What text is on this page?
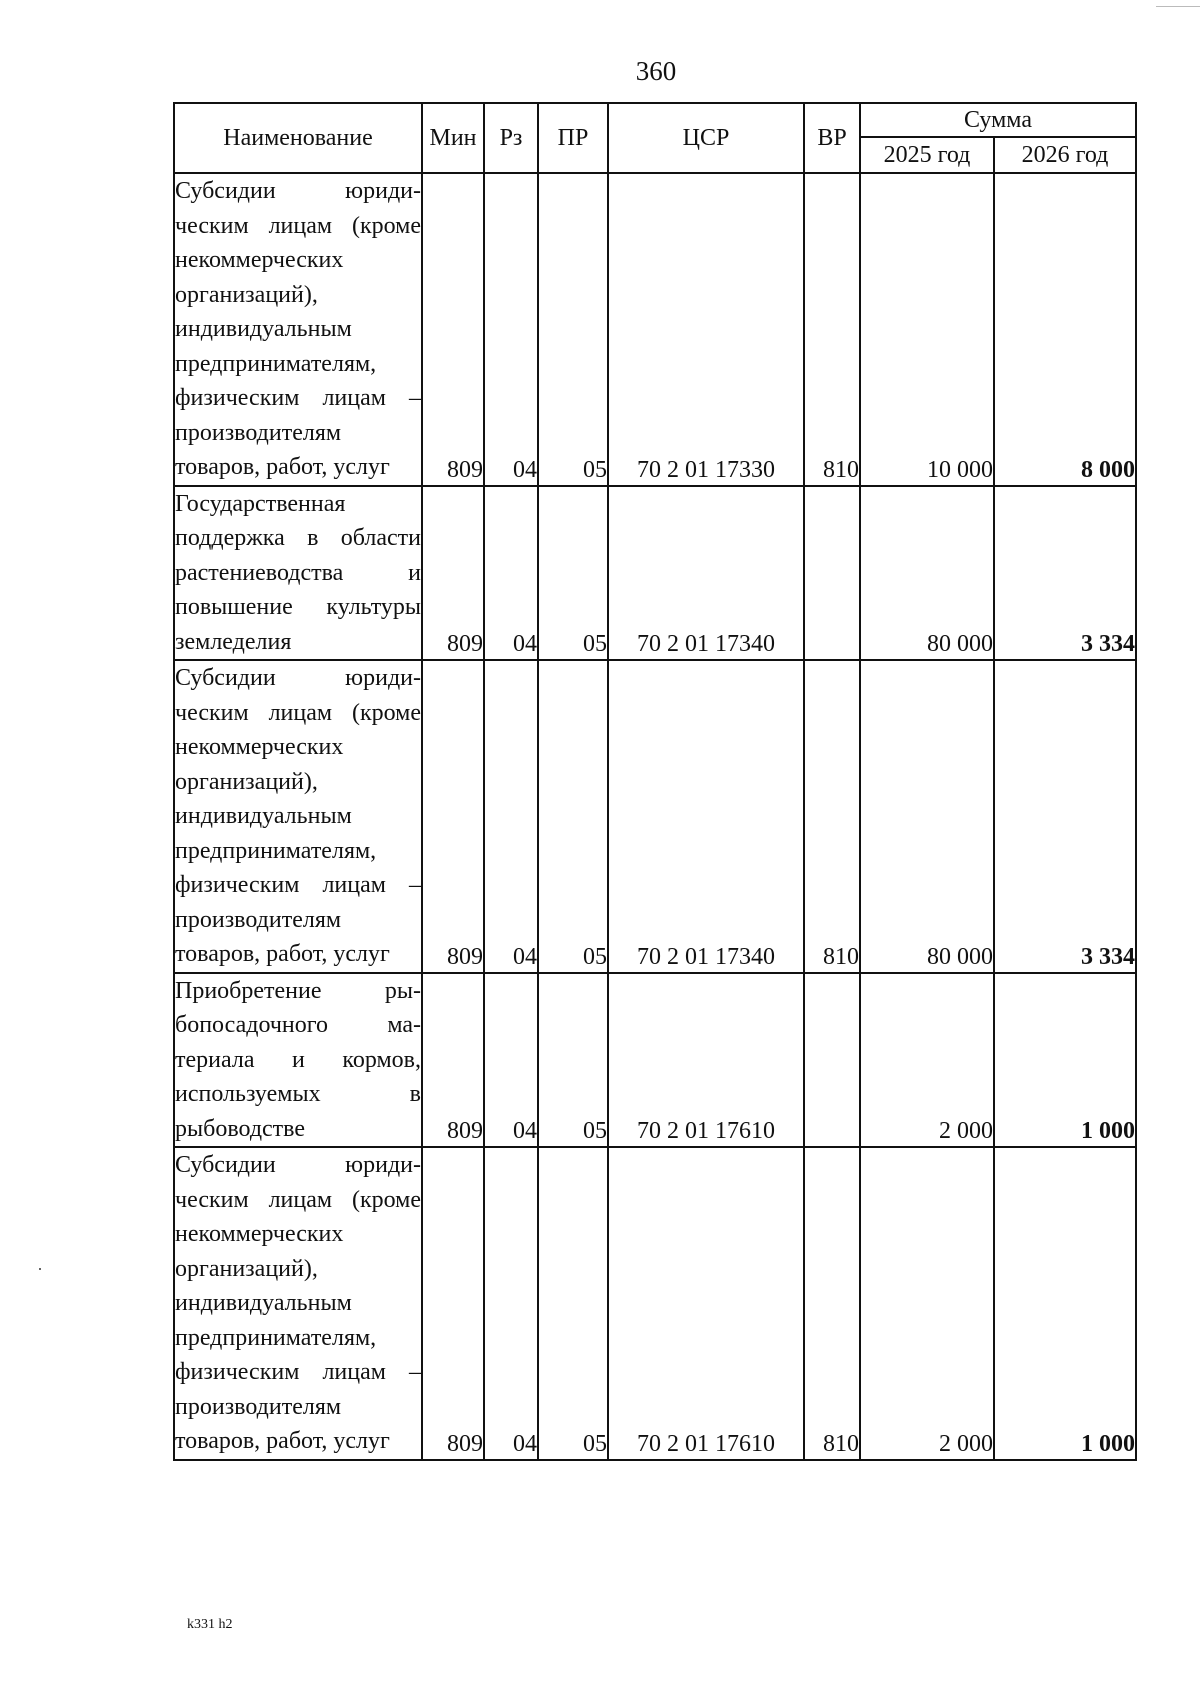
360
Наименование	Мин	Рз	ПР	ЦСР	ВР	Сумма	
						2025 год	2026 год
Субсидии юридическим лицам (кроме некоммерческих организаций), индивидуальным предпринимателям, физическим лицам – производителям товаров, работ, услуг	809	04	05	70 2 01 17330	810	10 000	8 000
Государственная поддержка в области растениеводства и повышение культуры земледелия	809	04	05	70 2 01 17340		80 000	3 334
Субсидии юридическим лицам (кроме некоммерческих организаций), индивидуальным предпринимателям, физическим лицам – производителям товаров, работ, услуг	809	04	05	70 2 01 17340	810	80 000	3 334
Приобретение рыбопосадочного материала и кормов, используемых в рыбоводстве	809	04	05	70 2 01 17610		2 000	1 000
Субсидии юридическим лицам (кроме некоммерческих организаций), индивидуальным предпринимателям, физическим лицам – производителям товаров, работ, услуг	809	04	05	70 2 01 17610	810	2 000	1 000
k331 h2
